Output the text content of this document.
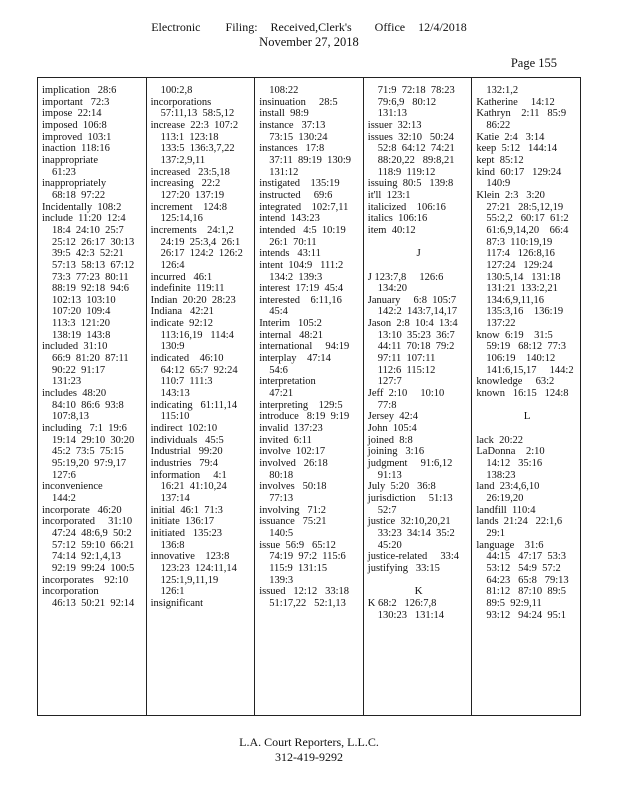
Electronic Filing: Received,Clerk's Office 12/4/2018
November 27, 2018
Page 155
implication   28:6
important   72:3
impose  22:14
imposed  106:8
improved  103:1
inaction  118:16
inappropriate
61:23
inappropriately
68:18  97:22
Incidentally  108:2
include  11:20  12:4
18:4  24:10  25:7
25:12  26:17  30:13
39:5  42:3  52:21
57:13  58:13  67:12
73:3  77:23  80:11
88:19  92:18  94:6
102:13  103:10
107:20  109:4
113:3  121:20
138:19  143:8
included  31:10
66:9  81:20  87:11
90:22  91:17
131:23
includes  48:20
84:10  86:6  93:8
107:8,13
including   7:1  19:6
19:14  29:10  30:20
45:2  73:5  75:15
95:19,20  97:9,17
127:6
inconvenience
144:2
incorporate   46:20
incorporated     31:10
47:24  48:6,9  50:2
57:12  59:10  66:21
74:14  92:1,4,13
92:19  99:24  100:5
incorporates    92:10
incorporation
46:13  50:21  92:14
100:2,8
incorporations
57:11,13  58:5,12
increase  22:3  107:2
113:1  123:18
133:5  136:3,7,22
137:2,9,11
increased   23:5,18
increasing   22:2
127:20  137:19
increment    124:8
125:14,16
increments    24:1,2
24:19  25:3,4  26:1
26:17  124:2  126:2
126:4
incurred   46:1
indefinite  119:11
Indian  20:20  28:23
Indiana   42:21
indicate  92:12
113:16,19   114:4
130:9
indicated    46:10
64:12  65:7  92:24
110:7  111:3
143:13
indicating   61:11,14
115:10
indirect  102:10
individuals   45:5
Industrial   99:20
industries   79:4
information     4:1
16:21  41:10,24
137:14
initial  46:1  71:3
initiate  136:17
initiated   135:23
136:8
innovative    123:8
123:23  124:11,14
125:1,9,11,19
126:1
insignificant
108:22
insinuation     28:5
install  98:9
instance   37:13
73:15  130:24
instances   17:8
37:11  89:19  130:9
131:12
instigated    135:19
instructed     69:6
integrated    102:7,11
intend  143:23
intended   4:5  10:19
26:1  70:11
intends   43:11
intent  104:9   111:2
134:2  139:3
interest  17:19  45:4
interested    6:11,16
45:4
Interim   105:2
internal   48:21
international     94:19
interplay    47:14
54:6
interpretation
47:21
interpreting    129:5
introduce   8:19  9:19
invalid  137:23
invited  6:11
involve  102:17
involved   26:18
80:18
involves   50:18
77:13
involving   71:2
issuance   75:21
140:5
issue  56:9   65:12
74:19  97:2  115:6
115:9  131:15
139:3
issued   12:12   33:18
51:17,22   52:1,13
71:9  72:18  78:23
79:6,9   80:12
131:13
issuer  32:13
issues  32:10   50:24
52:8  64:12  74:21
88:20,22   89:8,21
118:9  119:12
issuing  80:5   139:8
it'll  123:1
italicized    106:16
italics  106:16
item  40:12

J

J 123:7,8     126:6
134:20
January     6:8  105:7
142:2  143:7,14,17
Jason  2:8  10:4  13:4
13:10  35:23  36:7
44:11  70:18  79:2
97:11  107:11
112:6  115:12
127:7
Jeff  2:10     10:10
77:8
Jersey  42:4
John  105:4
joined  8:8
joining   3:16
judgment     91:6,12
91:13
July  5:20   36:8
jurisdiction     51:13
52:7
justice  32:10,20,21
33:23  34:14  35:2
45:20
justice-related     33:4
justifying   33:15

K
K 68:2   126:7,8
130:23   131:14
132:1,2
Katherine     14:12
Kathryn    2:11   85:9
86:22
Katie  2:4   3:14
keep  5:12   144:14
kept  85:12
kind  60:17   129:24
140:9
Klein  2:3   3:20
27:21   28:5,12,19
55:2,2   60:17  61:2
61:6,9,14,20    66:4
87:3  110:19,19
117:4   126:8,16
127:24   129:24
130:5,14   131:18
131:21  133:2,21
134:6,9,11,16
135:3,16    136:19
137:22
know  6:19    31:5
59:19   68:12  77:3
106:19    140:12
141:6,15,17     144:2
knowledge     63:2
known   16:15   124:8

L

lack  20:22
LaDonna    2:10
14:12   35:16
138:23
land  23:4,6,10
26:19,20
landfill  110:4
lands  21:24   22:1,6
29:1
language    31:6
44:15   47:17  53:3
53:12   54:9  57:2
64:23   65:8   79:13
81:12   87:10  89:5
89:5  92:9,11
93:12   94:24  95:1
L.A. Court Reporters, L.L.C.
312-419-9292
